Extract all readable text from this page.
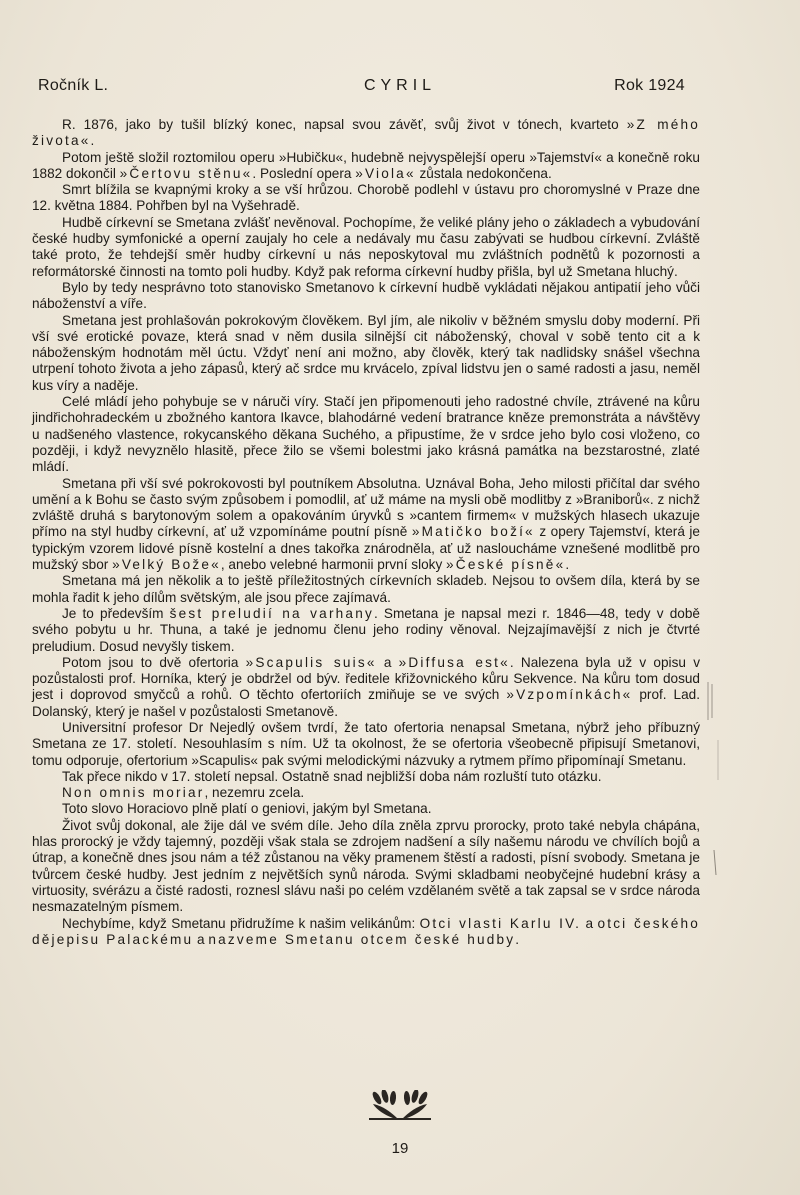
Ročník L.	CYRIL	Rok 1924

R. 1876, jako by tušil blízký konec, napsal svou závěť, svůj život v tónech, kvarteto »Z mého života«.

Potom ještě složil roztomilou operu »Hubičku«, hudebně nejvyspělejší operu »Tajemství« a konečně roku 1882 dokončil »Čertovu stěnu«. Poslední opera »Viola« zůstala nedokončena.

Smrt blížila se kvapnými kroky a se vší hrůzou. Chorobě podlehl v ústavu pro choromyslné v Praze dne 12. května 1884. Pohřben byl na Vyšehradě.

Hudbě církevní se Smetana zvlášť nevěnoval. Pochopíme, že veliké plány jeho o základech a vybudování české hudby symfonické a operní zaujaly ho cele a nedávaly mu času zabývati se hudbou církevní. Zvláště také proto, že tehdejší směr hudby církevní u nás neposkytoval mu zvláštních podnětů k pozornosti a reformátorské činnosti na tomto poli hudby. Když pak reforma církevní hudby přišla, byl už Smetana hluchý.

Bylo by tedy nesprávno toto stanovisko Smetanovo k církevní hudbě vykládati nějakou antipatií jeho vůči náboženství a víře.

Smetana jest prohlašován pokrokovým člověkem. Byl jím, ale nikoliv v běžném smyslu doby moderní. Při vší své erotické povaze, která snad v něm dusila silnější cit náboženský, choval v sobě tento cit a k náboženským hodnotám měl úctu. Vždyť není ani možno, aby člověk, který tak nadlidsky snášel všechna utrpení tohoto života a jeho zápasů, který ač srdce mu krvácelo, zpíval lidstvu jen o samé radosti a jasu, neměl kus víry a naděje.

Celé mládí jeho pohybuje se v náruči víry. Stačí jen připomenouti jeho radostné chvíle, ztrávené na kůru jindřichohradeckém u zbožného kantora Ikavce, blahodárné vedení bratrance kněze premonstráta a návštěvy u nadšeného vlastence, rokycanského děkana Suchého, a připustíme, že v srdce jeho bylo cosi vloženo, co později, i když nevyznělo hlasitě, přece žilo se všemi bolestmi jako krásná památka na bezstarostné, zlaté mládí.

Smetana při vší své pokrokovosti byl poutníkem Absolutna. Uznával Boha, Jeho milosti přičítal dar svého umění a k Bohu se často svým způsobem i pomodlil, ať už máme na mysli obě modlitby z »Braniborů«. z nichž zvláště druhá s barytonovým solem a opakováním úryvků s »cantem firmem« v mužských hlasech ukazuje přímo na styl hudby církevní, ať už vzpomínáme poutní písně »Matičko boží« z opery Tajemství, která je typickým vzorem lidové písně kostelní a dnes takořka znárodněla, ať už nasloucháme vznešené modlitbě pro mužský sbor »Velký Bože«, anebo velebné harmonii první sloky »České písně«.

Smetana má jen několik a to ještě příležitostných církevních skladeb. Nejsou to ovšem díla, která by se mohla řadit k jeho dílům světským, ale jsou přece zajímavá.

Je to především šest preludií na varhany. Smetana je napsal mezi r. 1846—48, tedy v době svého pobytu u hr. Thuna, a také je jednomu členu jeho rodiny věnoval. Nejzajímavější z nich je čtvrté preludium. Dosud nevyšly tiskem.

Potom jsou to dvě ofertoria »Scapulis suis« a »Diffusa est«. Nalezena byla už v opisu v pozůstalosti prof. Horníka, který je obdržel od býv. ředitele křižovnického kůru Sekvence. Na kůru tom dosud jest i doprovod smyčců a rohů. O těchto ofertoriích zmiňuje se ve svých »Vzpomínkách« prof. Lad. Dolanský, který je našel v pozůstalosti Smetanově.

Universitní profesor Dr Nejedlý ovšem tvrdí, že tato ofertoria nenapsal Smetana, nýbrž jeho příbuzný Smetana ze 17. století. Nesouhlasím s ním. Už ta okolnost, že se ofertoria všeobecně připisují Smetanovi, tomu odporuje, ofertorium »Scapulis« pak svými melodickými názvuky a rytmem přímo připomínají Smetanu.

Tak přece nikdo v 17. století nepsal. Ostatně snad nejbližší doba nám rozluští tuto otázku.

Non omnis moriar, nezemru zcela.

Toto slovo Horaciovo plně platí o geniovi, jakým byl Smetana.

Život svůj dokonal, ale žije dál ve svém díle. Jeho díla zněla zprvu prorocky, proto také nebyla chápána, hlas prorocký je vždy tajemný, později však stala se zdrojem nadšení a síly našemu národu ve chvílích bojů a útrap, a konečně dnes jsou nám a též zůstanou na věky pramenem štěstí a radosti, písní svobody. Smetana je tvůrcem české hudby. Jest jedním z největších synů národa. Svými skladbami neobyčejné hudební krásy a virtuosity, svérázu a čisté radosti, roznesl slávu naši po celém vzdělaném světě a tak zapsal se v srdce národa nesmazatelným písmem.

Nechybíme, když Smetanu přidružíme k našim velikánům: Otci vlasti Karlu IV. a otci českého dějepisu Palackému a nazveme Smetanu otcem české hudby.

19
